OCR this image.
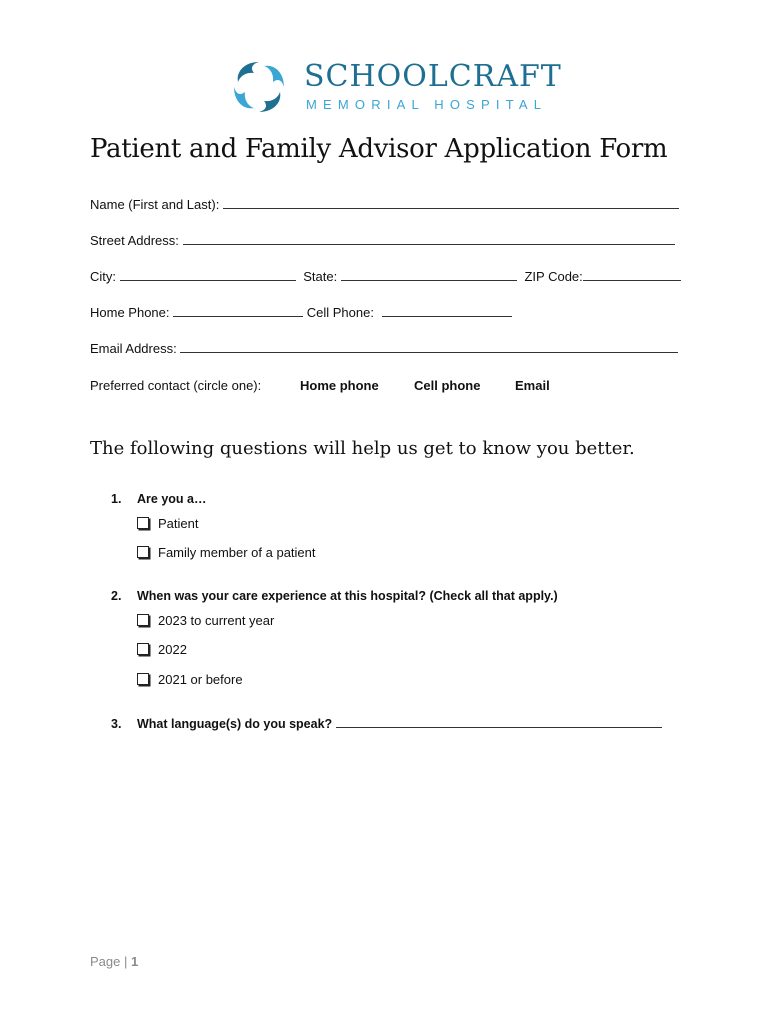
SCHOOLCRAFT
MEMORIAL HOSPITAL
Patient and Family Advisor Application Form
Name (First and Last):
Street Address:
City:	State:	ZIP Code:
Home Phone:	Cell Phone:
Email Address:
Preferred contact (circle one):	Home phone	Cell phone	Email
The following questions will help us get to know you better.
1. Are you a…
Patient
Family member of a patient
2. When was your care experience at this hospital? (Check all that apply.)
2023 to current year
2022
2021 or before
3. What language(s) do you speak?
Page | 1
